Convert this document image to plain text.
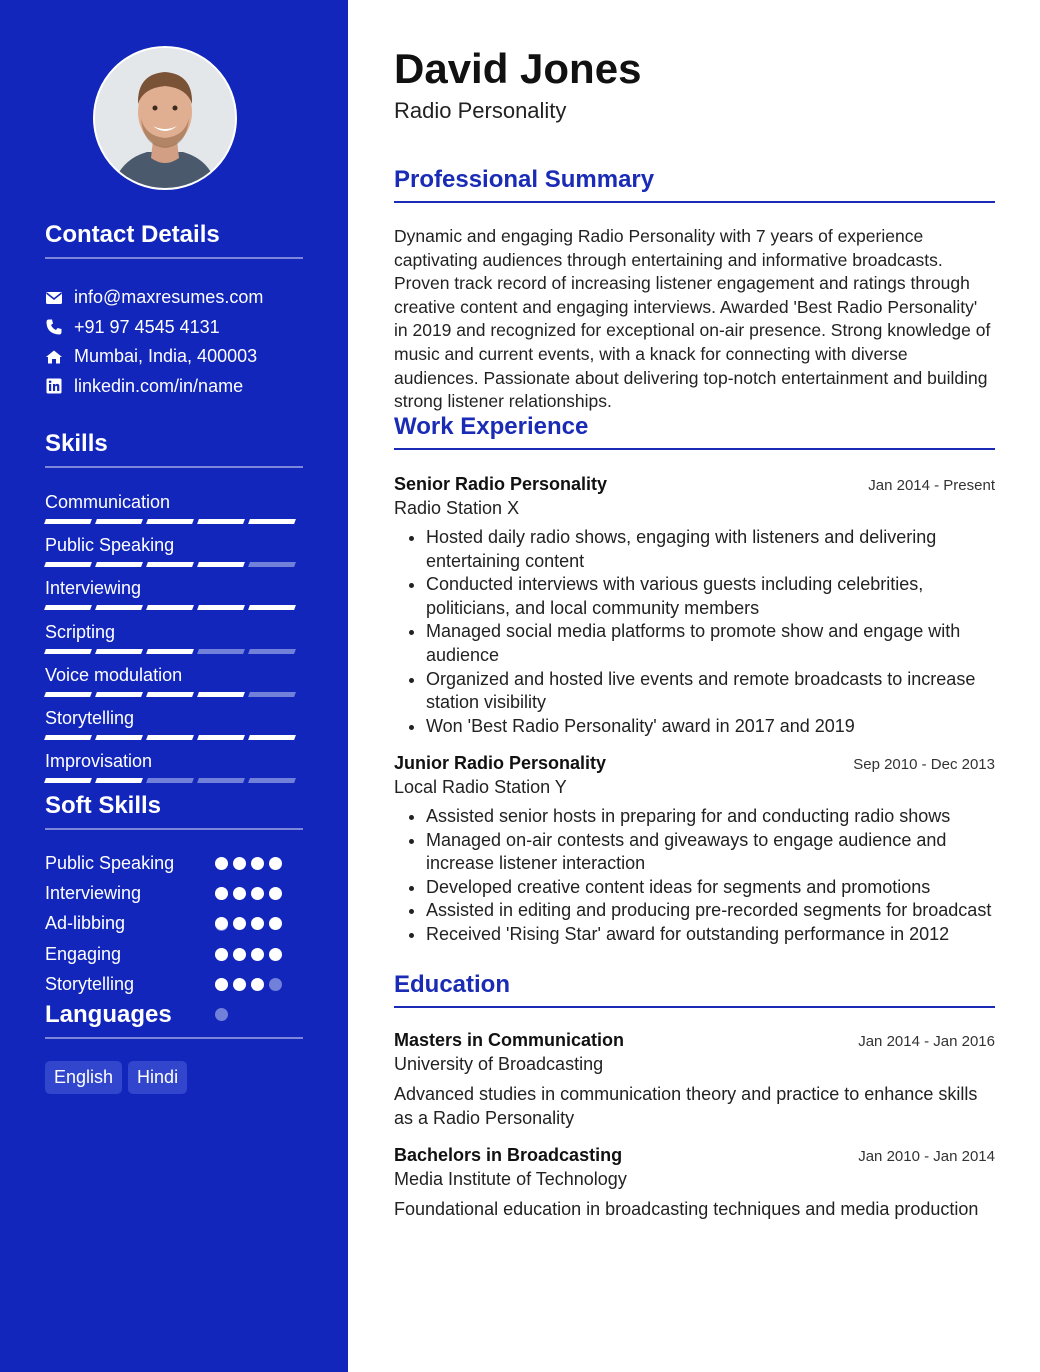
Contact Details
info@maxresumes.com
+91 97 4545 4131
Mumbai, India, 400003
linkedin.com/in/name
Skills
Communication
Public Speaking
Interviewing
Scripting
Voice modulation
Storytelling
Improvisation
Soft Skills
Public Speaking
Interviewing
Ad-libbing
Engaging
Storytelling
Languages
English	Hindi
David Jones
Radio Personality
Professional Summary

Dynamic and engaging Radio Personality with 7 years of experience captivating audiences through entertaining and informative broadcasts. Proven track record of increasing listener engagement and ratings through creative content and engaging interviews. Awarded 'Best Radio Personality' in 2019 and recognized for exceptional on-air presence. Strong knowledge of music and current events, with a knack for connecting with diverse audiences. Passionate about delivering top-notch entertainment and building strong listener relationships.

Work Experience
Senior Radio Personality	Jan 2014 - Present
Radio Station X
• Hosted daily radio shows, engaging with listeners and delivering entertaining content
• Conducted interviews with various guests including celebrities, politicians, and local community members
• Managed social media platforms to promote show and engage with audience
• Organized and hosted live events and remote broadcasts to increase station visibility
• Won 'Best Radio Personality' award in 2017 and 2019
Junior Radio Personality	Sep 2010 - Dec 2013
Local Radio Station Y
• Assisted senior hosts in preparing for and conducting radio shows
• Managed on-air contests and giveaways to engage audience and increase listener interaction
• Developed creative content ideas for segments and promotions
• Assisted in editing and producing pre-recorded segments for broadcast
• Received 'Rising Star' award for outstanding performance in 2012
Education
Masters in Communication	Jan 2014 - Jan 2016
University of Broadcasting
Advanced studies in communication theory and practice to enhance skills as a Radio Personality
Bachelors in Broadcasting	Jan 2010 - Jan 2014
Media Institute of Technology
Foundational education in broadcasting techniques and media production
